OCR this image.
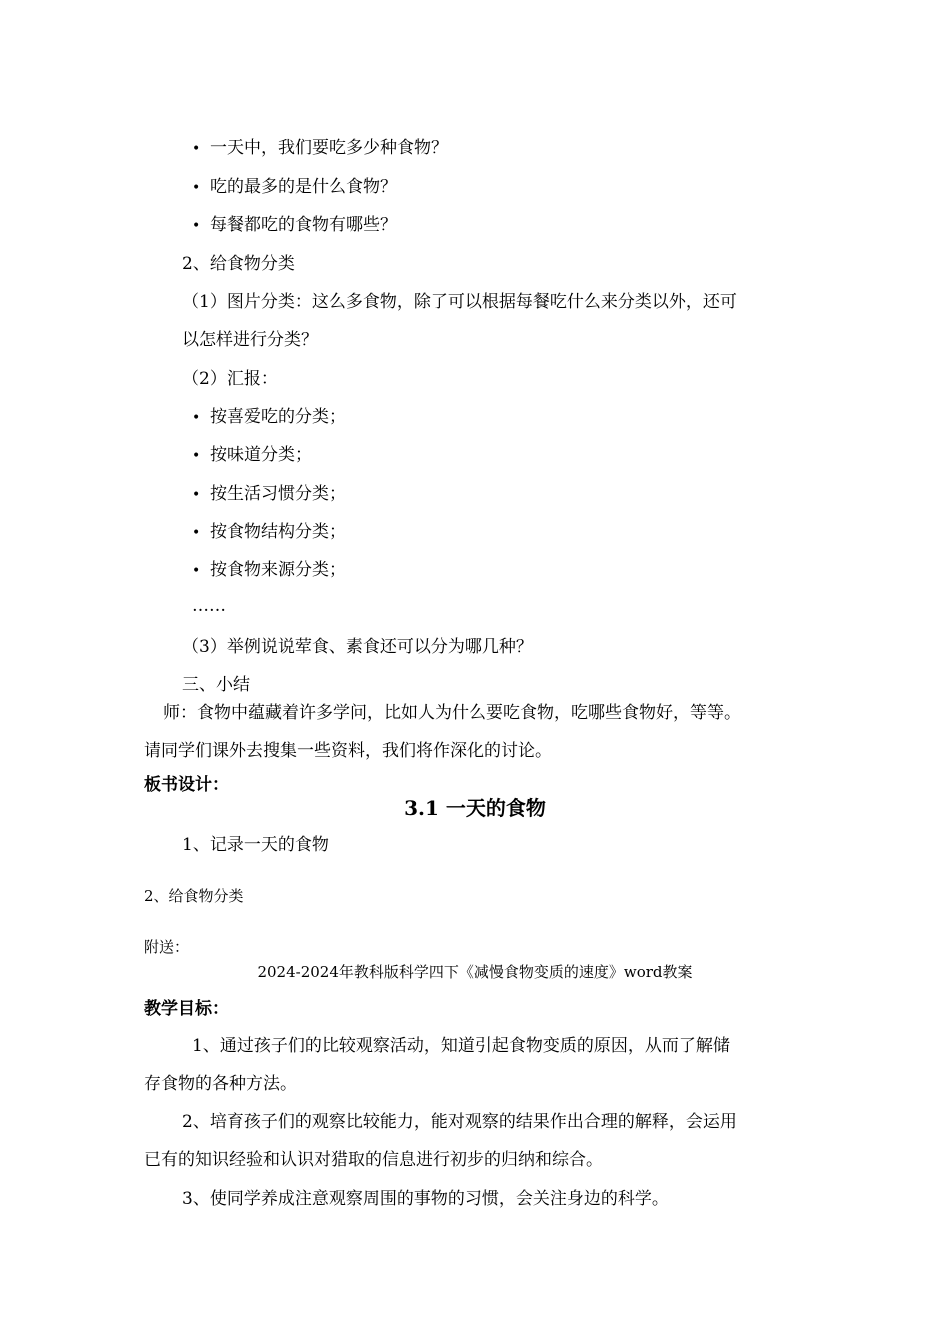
• 一天中，我们要吃多少种食物？
• 吃的最多的是什么食物？
• 每餐都吃的食物有哪些？
2、给食物分类
（1）图片分类：这么多食物，除了可以根据每餐吃什么来分类以外，还可
以怎样进行分类？
（2）汇报：
• 按喜爱吃的分类；
• 按味道分类；
• 按生活习惯分类；
• 按食物结构分类；
• 按食物来源分类；
……
（3）举例说说荤食、素食还可以分为哪几种？
三、小结
师：食物中蕴藏着许多学问，比如人为什么要吃食物，吃哪些食物好，等等。
请同学们课外去搜集一些资料，我们将作深化的讨论。
板书设计：
3.1 一天的食物
1、记录一天的食物
2、给食物分类
附送：
2024-2024年教科版科学四下《减慢食物变质的速度》word教案
教学目标：
1、通过孩子们的比较观察活动，知道引起食物变质的原因，从而了解储
存食物的各种方法。
2、培育孩子们的观察比较能力，能对观察的结果作出合理的解释，会运用
已有的知识经验和认识对猎取的信息进行初步的归纳和综合。
3、使同学养成注意观察周围的事物的习惯，会关注身边的科学。
